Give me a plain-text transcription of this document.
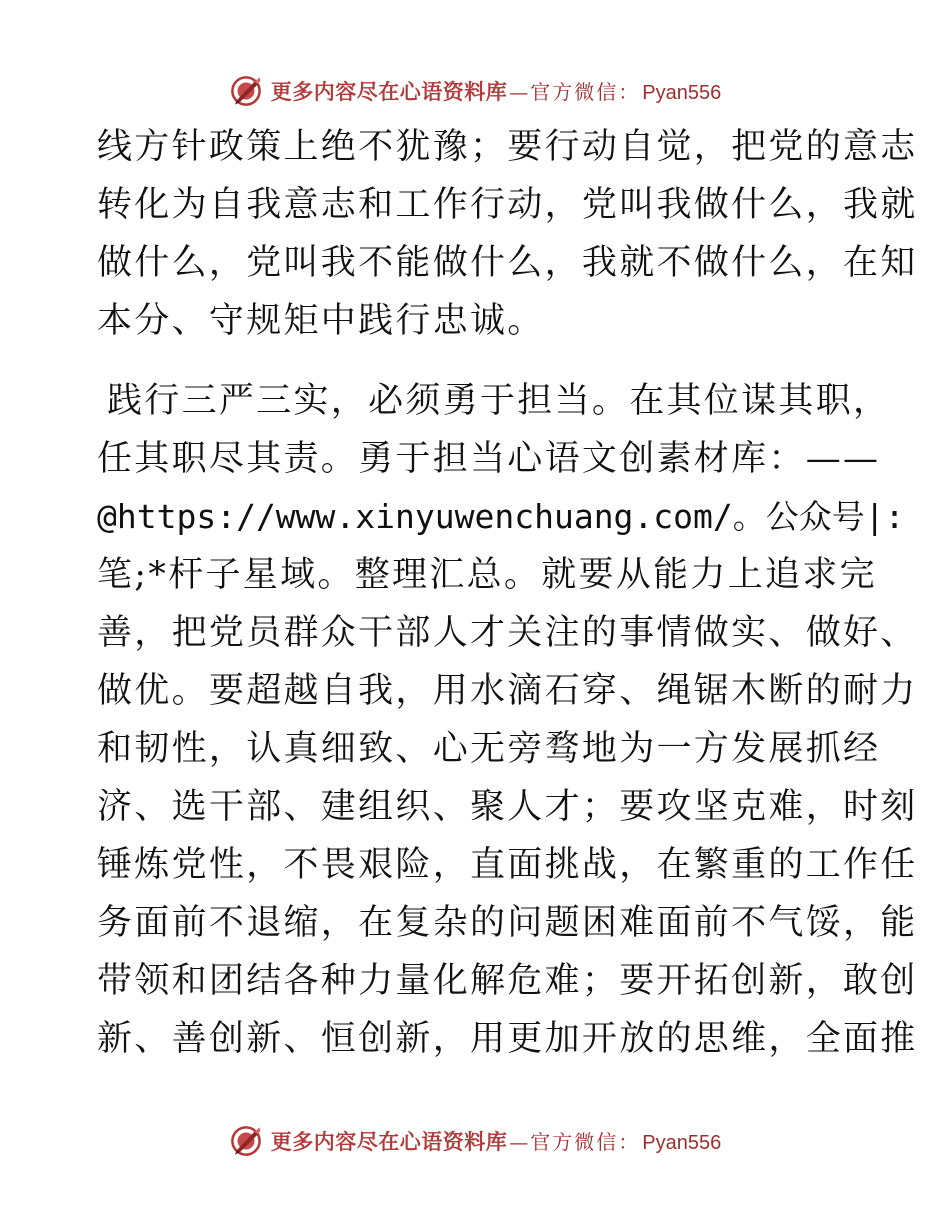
更多内容尽在心语资料库 — 官方微信： Pyan556
线方针政策上绝不犹豫；要行动自觉，把党的意志
转化为自我意志和工作行动，党叫我做什么，我就
做什么，党叫我不能做什么，我就不做什么，在知
本分、守规矩中践行忠诚。
践行三严三实，必须勇于担当。在其位谋其职，
任其职尽其责。勇于担当心语文创素材库：——
@https://www.xinyuwenchuang.com/。公众号|:
笔;*杆子星域。整理汇总。就要从能力上追求完
善，把党员群众干部人才关注的事情做实、做好、
做优。要超越自我，用水滴石穿、绳锯木断的耐力
和韧性，认真细致、心无旁骛地为一方发展抓经
济、选干部、建组织、聚人才；要攻坚克难，时刻
锤炼党性，不畏艰险，直面挑战，在繁重的工作任
务面前不退缩，在复杂的问题困难面前不气馁，能
带领和团结各种力量化解危难；要开拓创新，敢创
新、善创新、恒创新，用更加开放的思维，全面推
更多内容尽在心语资料库 — 官方微信： Pyan556
